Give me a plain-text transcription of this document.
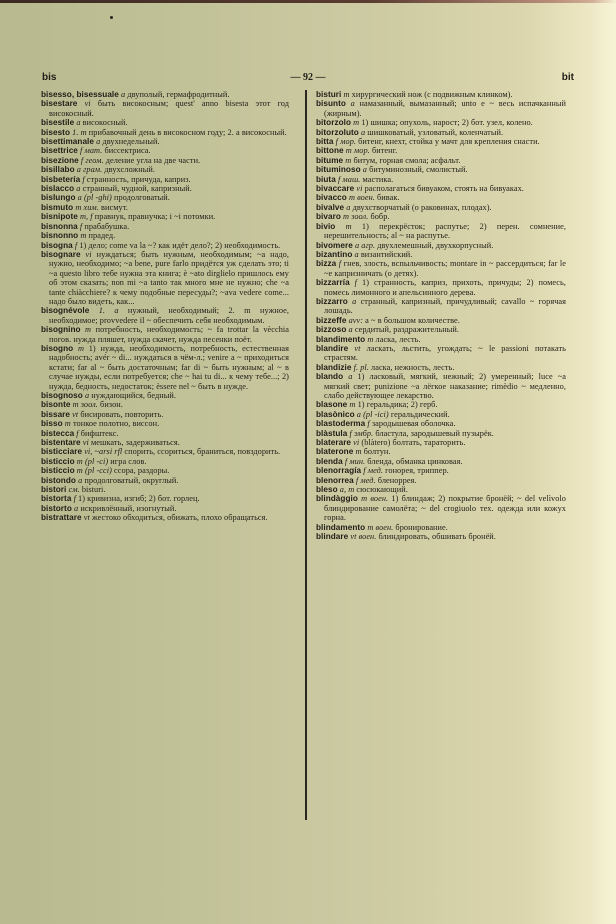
bis	— 92 —	bit

bisesso, bisessuale a двуполый, гермафродитный.

bisestare vi быть високосным; quest' anno bisesta этот год високосный.

bisestile a високосный.

bisesto 1. m прибавочный день в високосном году; 2. a високосный.

bisettimanale a двухнедельный.

bisettrice f мат. биссектриса.

bisezione f геом. деление угла на две части.

bisillabo a грам. двухсложный.

bisbetería f странность, причуда, каприз.

bislacco a странный, чудной, капризный.

bislungo a (pl -ghi) продолговатый.

bismuto m хим. висмут.

bisnipote m, f правнук, правнучка; i ~i потомки.

bisnonna f прабабушка.

bisnonno m прадед.

bisogna f 1) дело; come va la ~? как идёт дело?; 2) необходимость.

bisognare vi нуждаться; быть нужным, необходимым; ~a надо, нужно, необходимо; ~a bene, pure farlo придётся уж сделать это; ti ~a questo libro тебе нужна эта книга; è ~ato dirglielo пришлось ему об этом сказать; non mi ~a tanto так много мне не нужно; che ~a tante chiàcchiere? к чему подобные пересуды?; ~ava vedere come... надо было видеть, как...

bisognévole 1. a нужный, необходимый; 2. m нужное, необходимое; provvedere il ~ обеспечить себя необходимым.

bisognino m потребность, необходимость; ~ fa trottar la vècchia погов. нужда пляшет, нужда скачет, нужда песенки поёт.

bisogno m 1) нужда, необходимость, потребность, естественная надобность; avér ~ di... нуждаться в чём-л.; venire a ~ приходиться кстати; far al ~ быть достаточным; far di ~ быть нужным; al ~ в случае нужды, если потребуется; che ~ hai tu di... к чему тебе...; 2) нужда, бедность, недостаток; èssere nel ~ быть в нужде.

bisognoso a нуждающийся, бедный.

bisonte m зоол. бизон.

bissare vt бисировать, повторить.

bisso m тонкое полотно, виссон.

bistecca f бифштекс.

bistentare vi мешкать, задерживаться.

bisticciare vi, ~arsi rfl спорить, ссориться, браниться, повздорить.

bisticcio m (pl -ci) игра слов.

bisticcio m (pl -cci) ссора, раздоры.

bistondo a продолговатый, округлый.

bistori см. bisturi.

bistorta f 1) кривизна, изгиб; 2) бот. горлец.

bistorto a искривлённый, изогнутый.

bistrattare vt жестоко обходиться, обижать, плохо обращаться.

bisturi m хирургический нож (с подвижным клинком).

bisunto a намазанный, вымазанный; unto e ~ весь испачканный (жирным).

bitorzolo m 1) шишка; опухоль, нарост; 2) бот. узел, колено.

bitorzoluto a шишковатый, узловатый, коленчатый.

bitta f мор. битенг, кнехт, стойка у мачт для крепления снасти.

bittone m мор. битенг.

bitume m битум, горная смола; асфальт.

bituminoso a битуминозный, смолистый.

biuta f маш. мастика.

bivaccare vi располагаться бивуаком, стоять на бивуаках.

bivacco m воен. бивак.

bivalve a двухстворчатый (о раковинах, плодах).

bivaro m зоол. бобр.

bivio m 1) перекрёсток; распутье; 2) перен. сомнение, нерешительность; al ~ на распутье.

bivomere a агр. двухлемешный, двухкорпусный.

bizantino a византийский.

bizza f гнев, злость, вспыльчивость; montare in ~ рассердиться; far le ~e капризничать (о детях).

bizzarría f 1) странность, каприз, прихоть, причуды; 2) помесь, помесь лимонного и апельсинного дерева.

bizzarro a странный, капризный, причудливый; cavallo ~ горячая лошадь.

bizzeffe avv: a ~ в большом количестве.

bizzoso a сердитый, раздражительный.

blandimento m ласка, лесть.

blandire vt ласкать, льстить, угождать; ~ le passioni потакать страстям.

blandizie f. pl. ласка, нежность, лесть.

blando a 1) ласковый, мягкий, нежный; 2) умеренный; luce ~a мягкий свет; punizione ~a лёгкое наказание; rimèdio ~ медленно, слабо действующее лекарство.

blasone m 1) геральдика; 2) герб.

blasònico a (pl -ici) геральдический.

blastoderma f зародышевая оболочка.

blàstula f эмбр. бластула, зародышевый пузырёк.

blaterare vi (blàtero) болтать, тараторить.

blaterone m болтун.

blenda f мин. бленда, обманка цинковая.

blenorragía f мед. гонорея, триппер.

blenorrea f мед. бленоррея.

bleso a, m сюсюкающий.

blindàggio m воен. 1) блиндаж; 2) покрытие бронёй; ~ del velìvolo блиндирование самолёта; ~ del crogiuolo тех. одежда или кожух горна.

blindamento m воен. бронирование.

blindare vt воен. блиндировать, обшивать бронёй.
